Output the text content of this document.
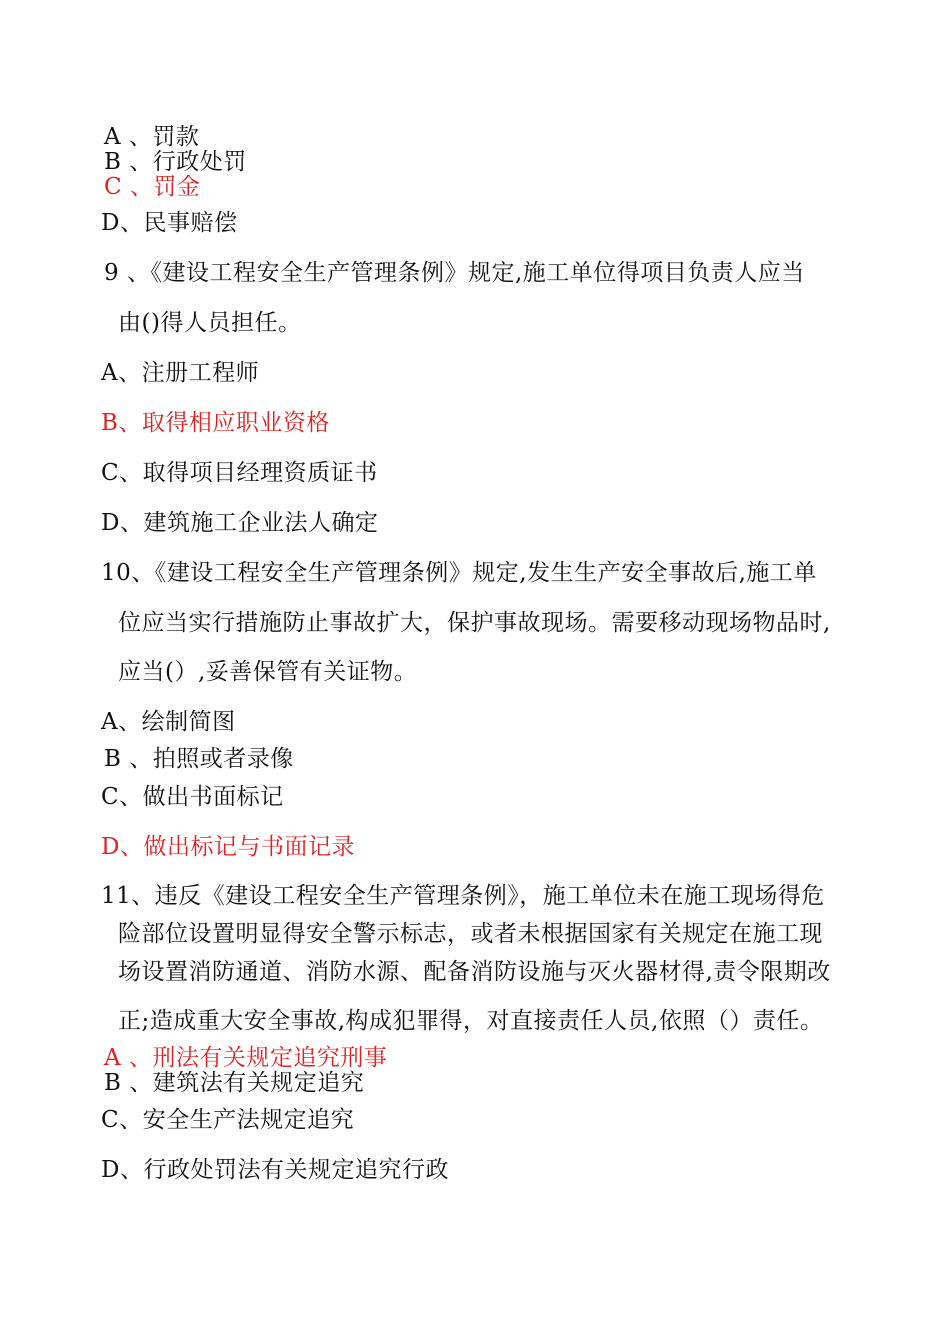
A 、罚款
B 、行政处罚
C 、罚金
D、民事赔偿
9 、《建设工程安全生产管理条例》规定,施工单位得项目负责人应当
由()得人员担任。
A、注册工程师
B、取得相应职业资格
C、取得项目经理资质证书
D、建筑施工企业法人确定
10、《建设工程安全生产管理条例》规定,发生生产安全事故后,施工单
位应当实行措施防止事故扩大，保护事故现场。需要移动现场物品时,
应当(）,妥善保管有关证物。
A、绘制简图
B 、拍照或者录像
C、做出书面标记
D、做出标记与书面记录
11、违反《建设工程安全生产管理条例》，施工单位未在施工现场得危
险部位设置明显得安全警示标志，或者未根据国家有关规定在施工现
场设置消防通道、消防水源、配备消防设施与灭火器材得,责令限期改
正;造成重大安全事故,构成犯罪得，对直接责任人员,依照（）责任。
A 、刑法有关规定追究刑事
B 、建筑法有关规定追究
C、安全生产法规定追究
D、行政处罚法有关规定追究行政
